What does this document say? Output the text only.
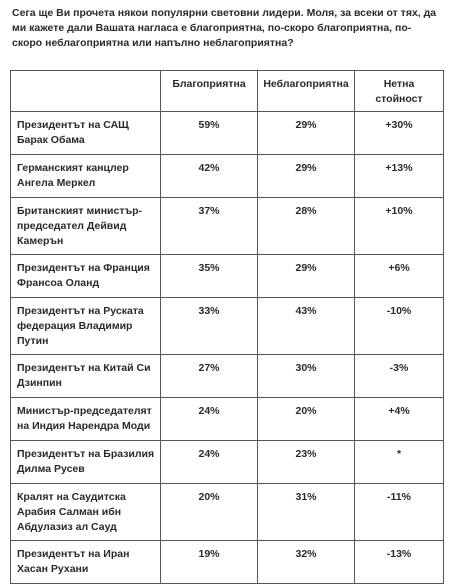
Сега ще Ви прочета някои популярни световни лидери. Моля, за всеки от тях, да ми кажете дали Вашата нагласа е благоприятна, по-скоро благоприятна, по-скоро неблагоприятна или напълно неблагоприятна?
	Благоприятна	Неблагоприятна	Нетна стойност
Президентът на САЩ Барак Обама	59%	29%	+30%
Германският канцлер Ангела Меркел	42%	29%	+13%
Британският министър-председател Дейвид Камерън	37%	28%	+10%
Президентът на Франция Франсоа Оланд	35%	29%	+6%
Президентът на Руската федерация Владимир Путин	33%	43%	-10%
Президентът на Китай Си Дзинпин	27%	30%	-3%
Министър-председателят на Индия Нарендра Моди	24%	20%	+4%
Президентът на Бразилия Дилма Русев	24%	23%	*
Кралят на Саудитска Арабия Салман ибн Абдулазиз ал Сауд	20%	31%	-11%
Президентът на Иран Хасан Рухани	19%	32%	-13%
